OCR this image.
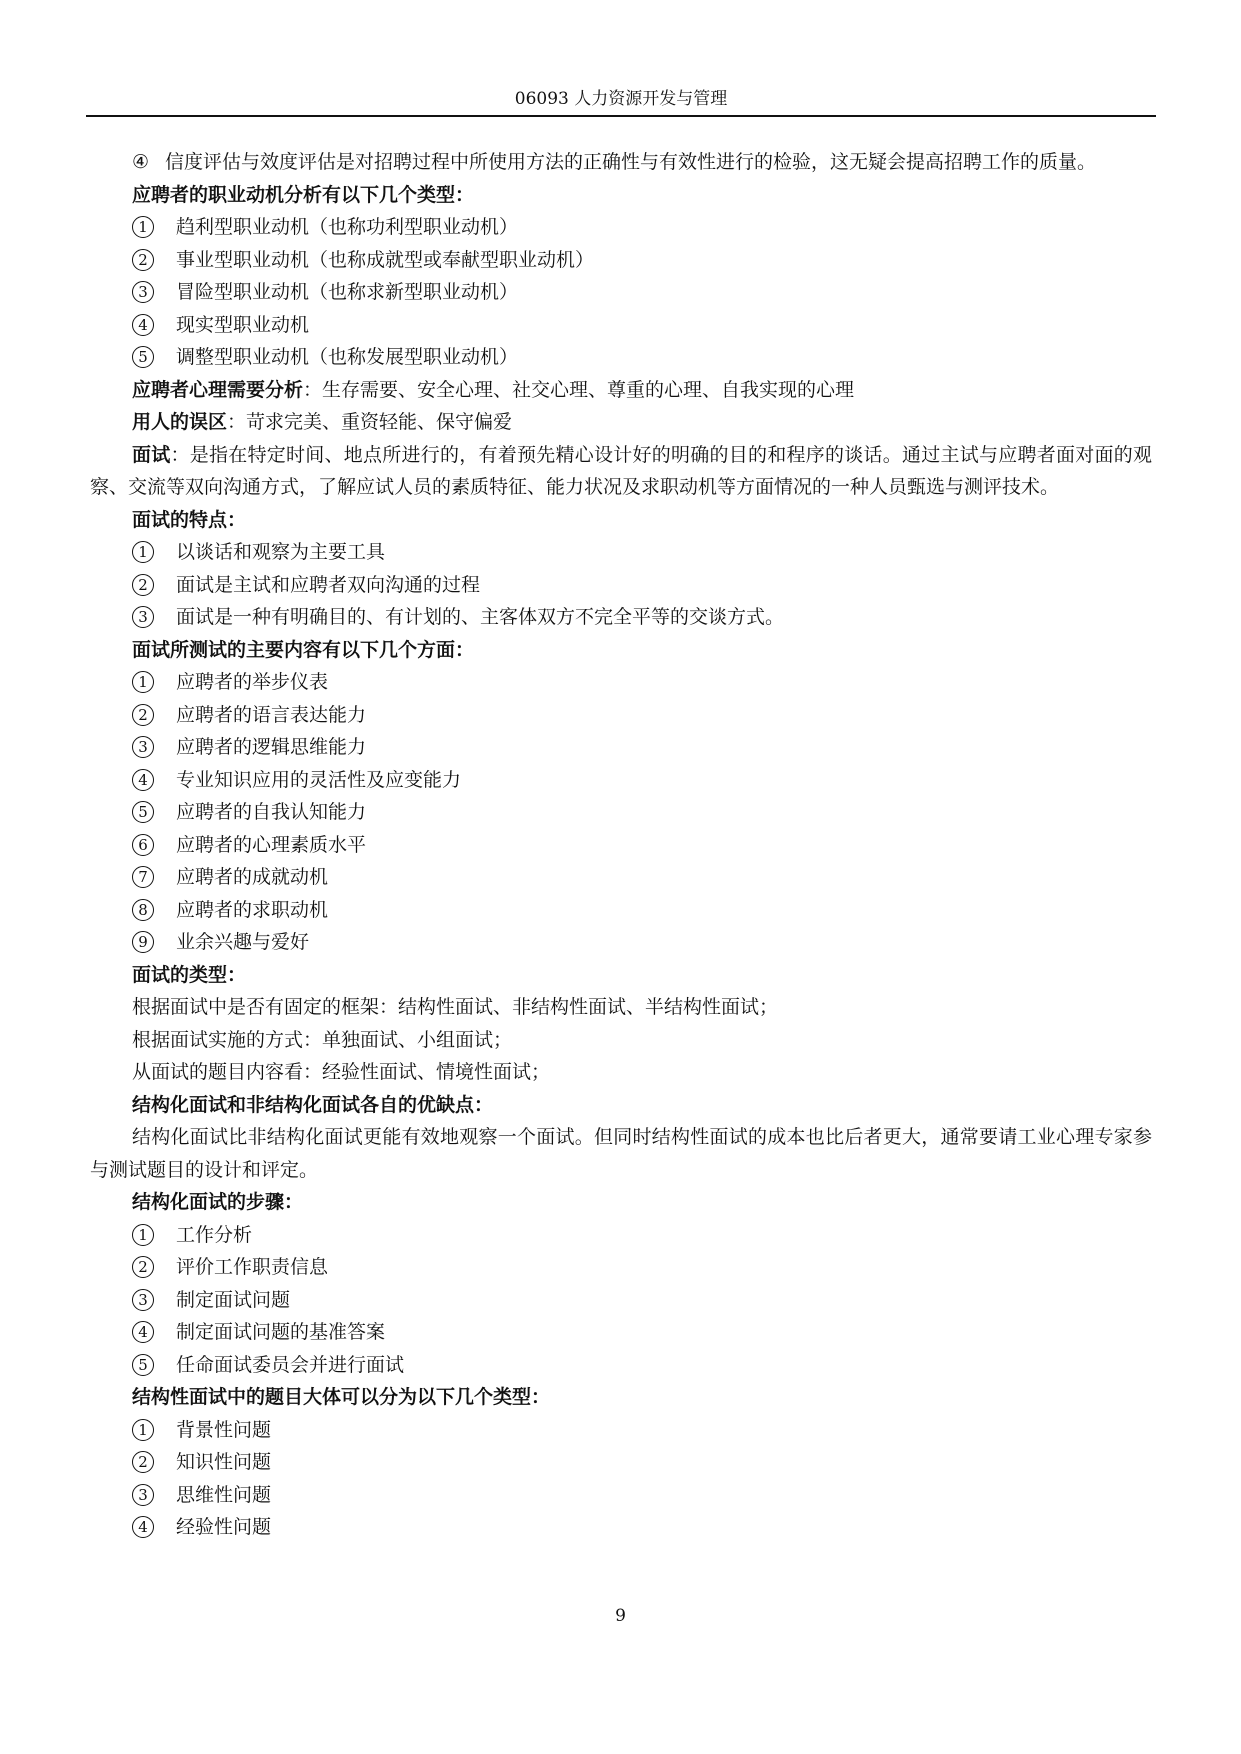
06093 人力资源开发与管理
④ 信度评估与效度评估是对招聘过程中所使用方法的正确性与有效性进行的检验，这无疑会提高招聘工作的质量。
应聘者的职业动机分析有以下几个类型：
1	趋利型职业动机（也称功利型职业动机）
2	事业型职业动机（也称成就型或奉献型职业动机）
3	冒险型职业动机（也称求新型职业动机）
4	现实型职业动机
5	调整型职业动机（也称发展型职业动机）
应聘者心理需要分析：生存需要、安全心理、社交心理、尊重的心理、自我实现的心理
用人的误区：苛求完美、重资轻能、保守偏爱
面试：是指在特定时间、地点所进行的，有着预先精心设计好的明确的目的和程序的谈话。通过主试与应聘者面对面的观察、交流等双向沟通方式，了解应试人员的素质特征、能力状况及求职动机等方面情况的一种人员甄选与测评技术。
面试的特点：
1	以谈话和观察为主要工具
2	面试是主试和应聘者双向沟通的过程
3	面试是一种有明确目的、有计划的、主客体双方不完全平等的交谈方式。
面试所测试的主要内容有以下几个方面：
1	应聘者的举步仪表
2	应聘者的语言表达能力
3	应聘者的逻辑思维能力
4	专业知识应用的灵活性及应变能力
5	应聘者的自我认知能力
6	应聘者的心理素质水平
7	应聘者的成就动机
8	应聘者的求职动机
9	业余兴趣与爱好
面试的类型：
根据面试中是否有固定的框架：结构性面试、非结构性面试、半结构性面试；
根据面试实施的方式：单独面试、小组面试；
从面试的题目内容看：经验性面试、情境性面试；
结构化面试和非结构化面试各自的优缺点：
结构化面试比非结构化面试更能有效地观察一个面试。但同时结构性面试的成本也比后者更大，通常要请工业心理专家参与测试题目的设计和评定。
结构化面试的步骤：
1	工作分析
2	评价工作职责信息
3	制定面试问题
4	制定面试问题的基准答案
5	任命面试委员会并进行面试
结构性面试中的题目大体可以分为以下几个类型：
1	背景性问题
2	知识性问题
3	思维性问题
4	经验性问题
9
